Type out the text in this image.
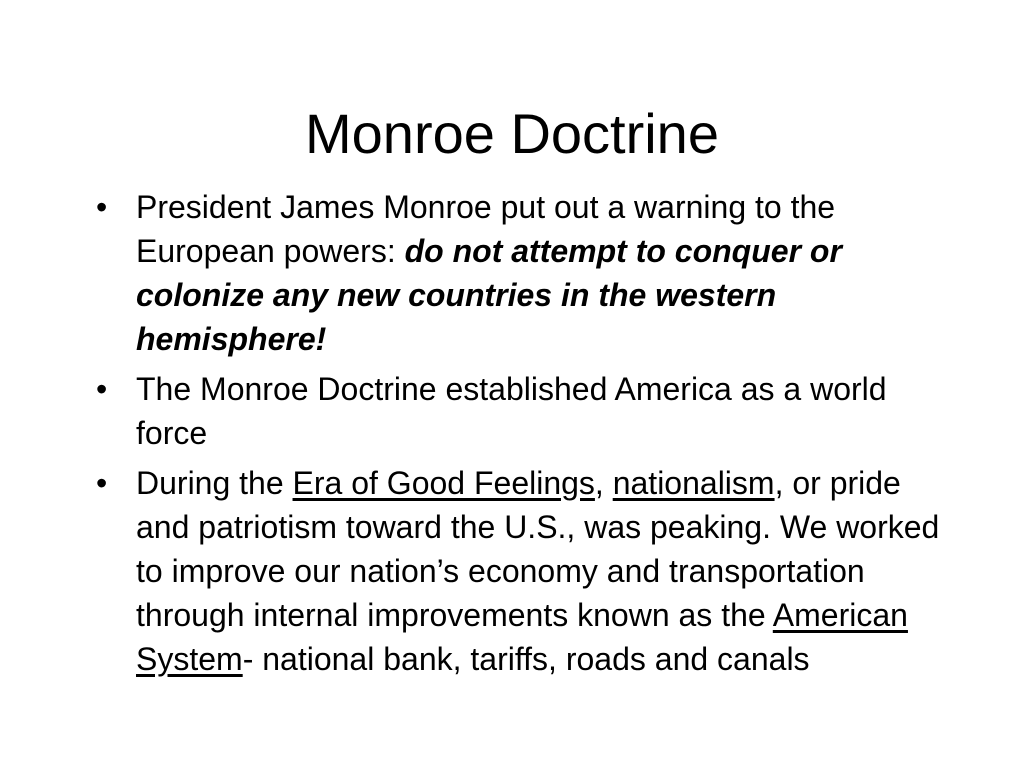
Monroe Doctrine
• President James Monroe put out a warning to the European powers: do not attempt to conquer or colonize any new countries in the western hemisphere!
• The Monroe Doctrine established America as a world force
• During the Era of Good Feelings, nationalism, or pride and patriotism toward the U.S., was peaking. We worked to improve our nation’s economy and transportation through internal improvements known as the American System- national bank, tariffs, roads and canals
